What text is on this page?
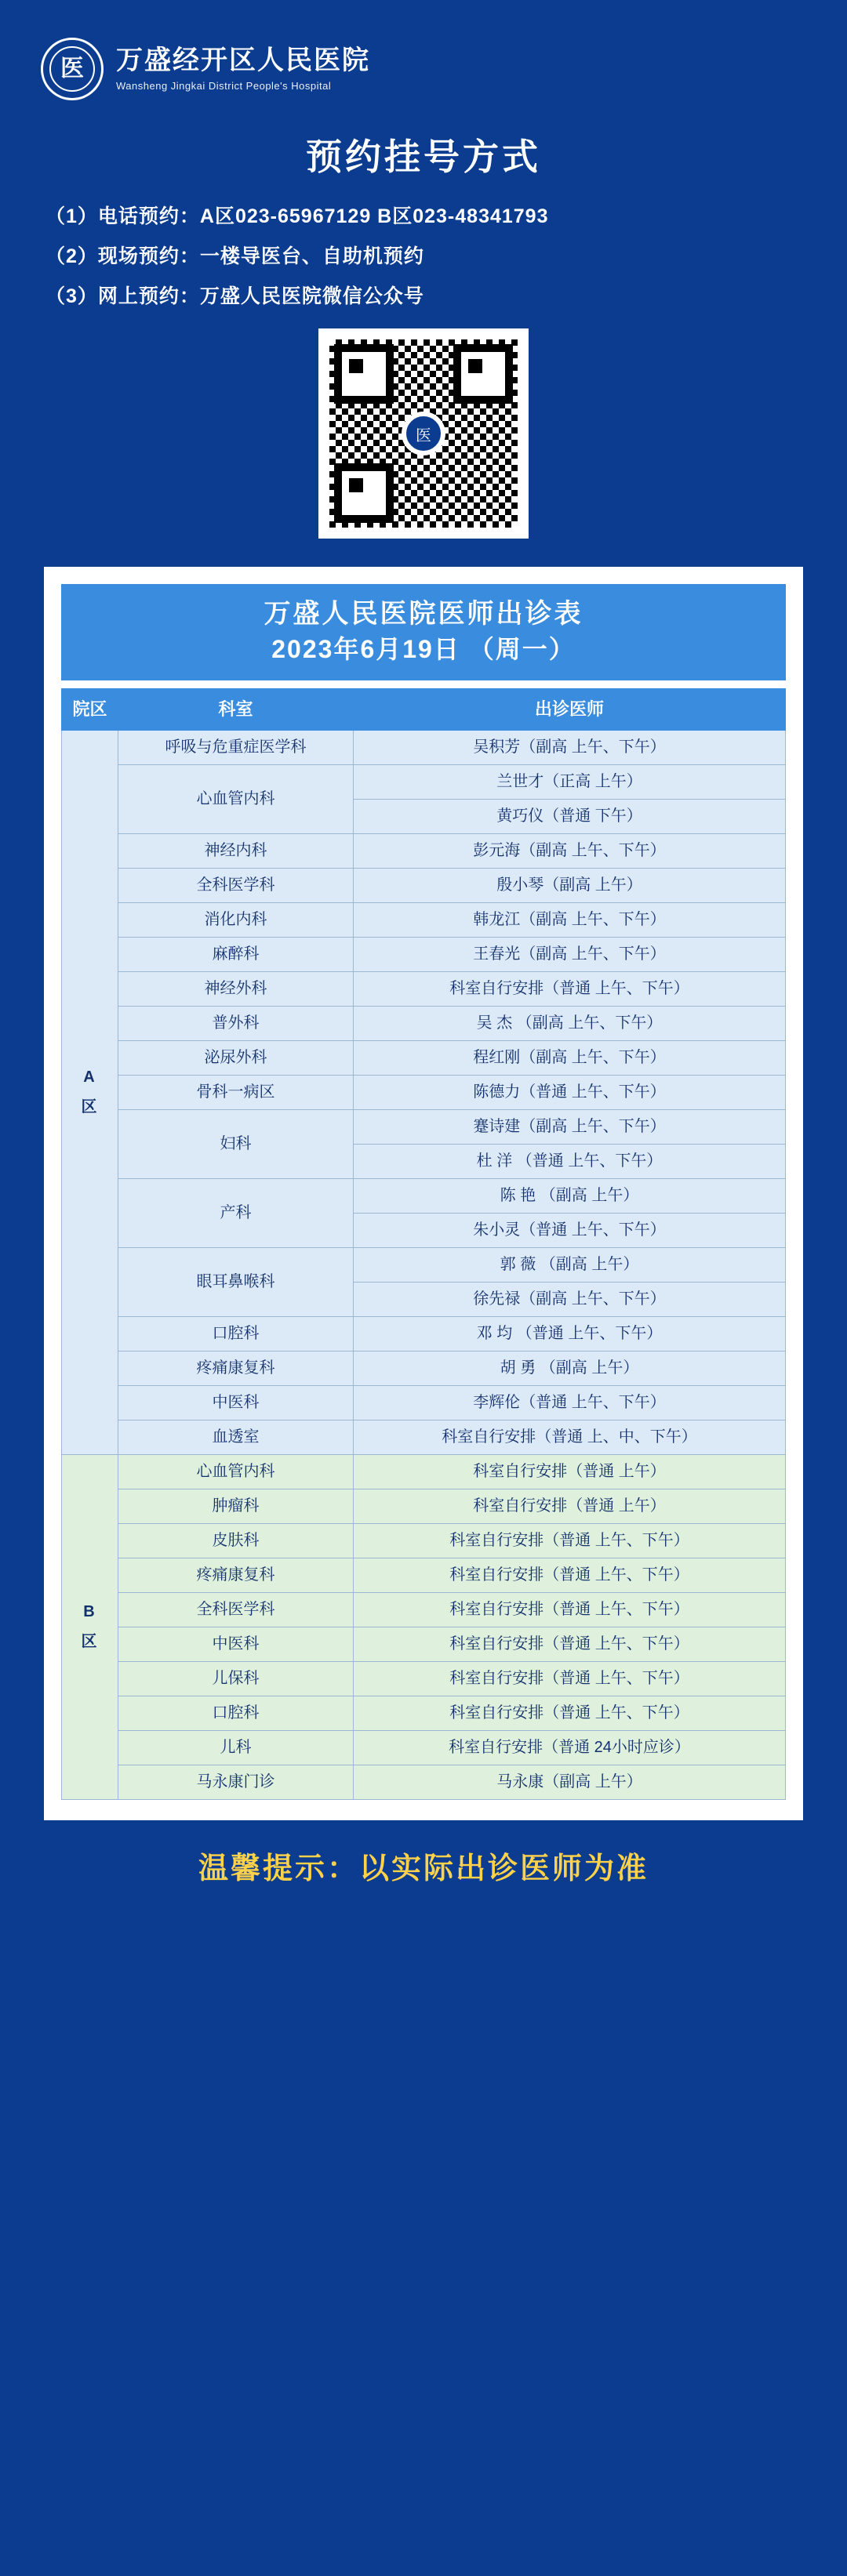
医	万盛经开区人民医院
Wansheng Jingkai District People's Hospital
预约挂号方式
（1）电话预约：A区023-65967129 B区023-48341793
（2）现场预约：一楼导医台、自助机预约
（3）网上预约：万盛人民医院微信公众号
医
万盛人民医院医师出诊表
2023年6月19日 （周一）
院区	科室	出诊医师

A
区	呼吸与危重症医学科	吴积芳（副高 上午、下午）
	心血管内科	兰世才（正高 上午）
		黄巧仪（普通 下午）
	神经内科	彭元海（副高 上午、下午）
	全科医学科	殷小琴（副高 上午）
	消化内科	韩龙江（副高 上午、下午）
	麻醉科	王春光（副高 上午、下午）
	神经外科	科室自行安排（普通 上午、下午）
	普外科	吴 杰 （副高 上午、下午）
	泌尿外科	程红刚（副高 上午、下午）
	骨科一病区	陈德力（普通 上午、下午）
	妇科	蹇诗建（副高 上午、下午）
		杜 洋 （普通 上午、下午）
	产科	陈 艳 （副高 上午）
		朱小灵（普通 上午、下午）
	眼耳鼻喉科	郭 薇 （副高 上午）
		徐先禄（副高 上午、下午）
	口腔科	邓 均 （普通 上午、下午）
	疼痛康复科	胡 勇 （副高 上午）
	中医科	李辉伦（普通 上午、下午）
	血透室	科室自行安排（普通 上、中、下午）

B
区	心血管内科	科室自行安排（普通 上午）
	肿瘤科	科室自行安排（普通 上午）
	皮肤科	科室自行安排（普通 上午、下午）
	疼痛康复科	科室自行安排（普通 上午、下午）
	全科医学科	科室自行安排（普通 上午、下午）
	中医科	科室自行安排（普通 上午、下午）
	儿保科	科室自行安排（普通 上午、下午）
	口腔科	科室自行安排（普通 上午、下午）
	儿科	科室自行安排（普通 24小时应诊）
	马永康门诊	马永康（副高 上午）
温馨提示：以实际出诊医师为准
